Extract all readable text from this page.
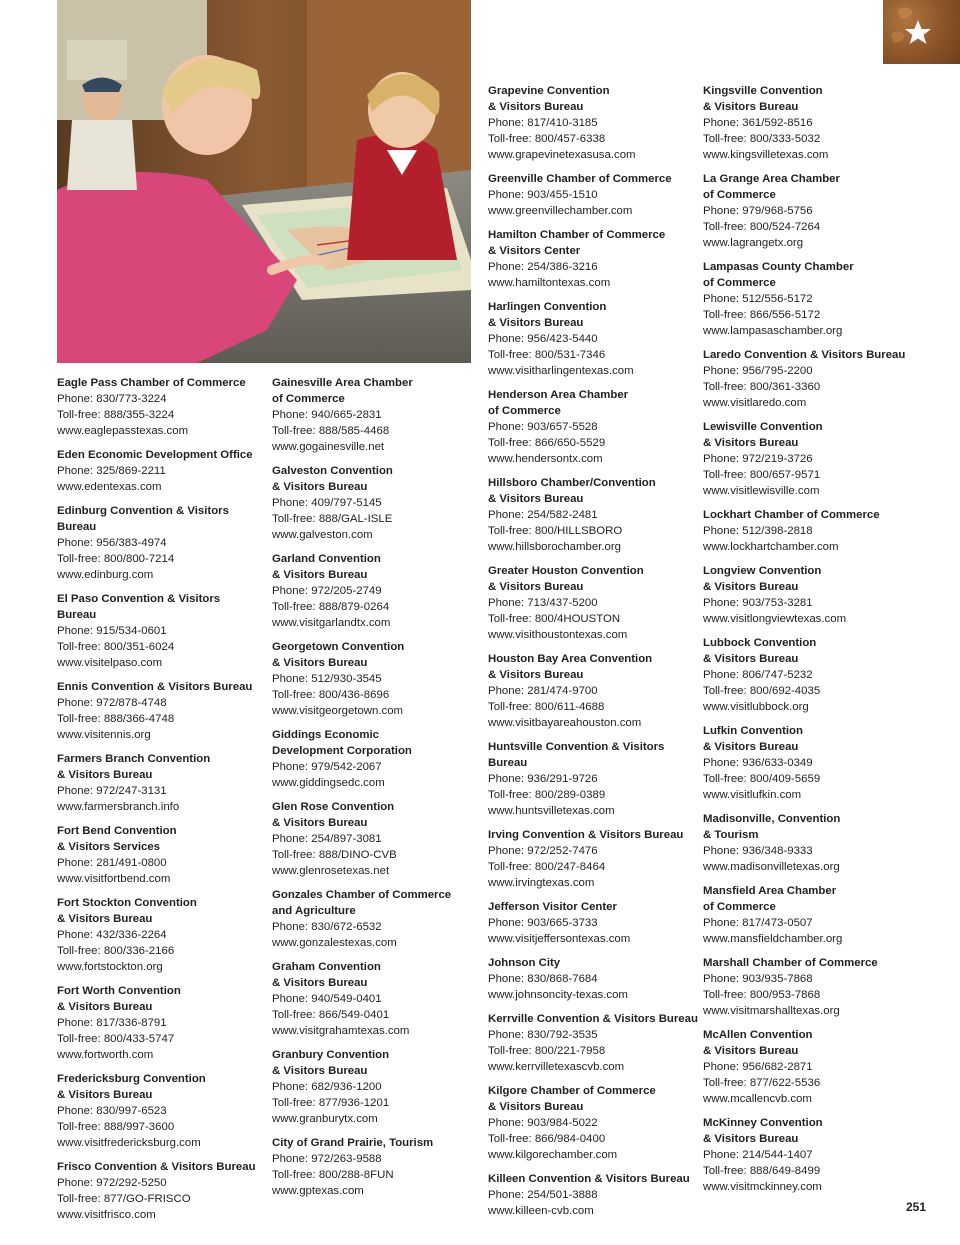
Eagle Pass Chamber of Commerce
Phone: 830/773-3224
Toll-free: 888/355-3224
www.eaglepasstexas.com
Eden Economic Development Office
Phone: 325/869-2211
www.edentexas.com
Edinburg Convention & Visitors Bureau
Phone: 956/383-4974
Toll-free: 800/800-7214
www.edinburg.com
El Paso Convention & Visitors
Bureau
Phone: 915/534-0601
Toll-free: 800/351-6024
www.visitelpaso.com
Ennis Convention & Visitors Bureau
Phone: 972/878-4748
Toll-free: 888/366-4748
www.visitennis.org
Farmers Branch Convention
& Visitors Bureau
Phone: 972/247-3131
www.farmersbranch.info
Fort Bend Convention
& Visitors Services
Phone: 281/491-0800
www.visitfortbend.com
Fort Stockton Convention
& Visitors Bureau
Phone: 432/336-2264
Toll-free: 800/336-2166
www.fortstockton.org
Fort Worth Convention
& Visitors Bureau
Phone: 817/336-8791
Toll-free: 800/433-5747
www.fortworth.com
Fredericksburg Convention
& Visitors Bureau
Phone: 830/997-6523
Toll-free: 888/997-3600
www.visitfredericksburg.com
Frisco Convention & Visitors Bureau
Phone: 972/292-5250
Toll-free: 877/GO-FRISCO
www.visitfrisco.com
Gainesville Area Chamber
of Commerce
Phone: 940/665-2831
Toll-free: 888/585-4468
www.gogainesville.net
Galveston Convention
& Visitors Bureau
Phone: 409/797-5145
Toll-free: 888/GAL-ISLE
www.galveston.com
Garland Convention
& Visitors Bureau
Phone: 972/205-2749
Toll-free: 888/879-0264
www.visitgarlandtx.com
Georgetown Convention
& Visitors Bureau
Phone: 512/930-3545
Toll-free: 800/436-8696
www.visitgeorgetown.com
Giddings Economic
Development Corporation
Phone: 979/542-2067
www.giddingsedc.com
Glen Rose Convention
& Visitors Bureau
Phone: 254/897-3081
Toll-free: 888/DINO-CVB
www.glenrosetexas.net
Gonzales Chamber of Commerce
and Agriculture
Phone: 830/672-6532
www.gonzalestexas.com
Graham Convention
& Visitors Bureau
Phone: 940/549-0401
Toll-free: 866/549-0401
www.visitgrahamtexas.com
Granbury Convention
& Visitors Bureau
Phone: 682/936-1200
Toll-free: 877/936-1201
www.granburytx.com
City of Grand Prairie, Tourism
Phone: 972/263-9588
Toll-free: 800/288-8FUN
www.gptexas.com
Grapevine Convention
& Visitors Bureau
Phone: 817/410-3185
Toll-free: 800/457-6338
www.grapevinetexasusa.com
Greenville Chamber of Commerce
Phone: 903/455-1510
www.greenvillechamber.com
Hamilton Chamber of Commerce
& Visitors Center
Phone: 254/386-3216
www.hamiltontexas.com
Harlingen Convention
& Visitors Bureau
Phone: 956/423-5440
Toll-free: 800/531-7346
www.visitharlingentexas.com
Henderson Area Chamber
of Commerce
Phone: 903/657-5528
Toll-free: 866/650-5529
www.hendersontx.com
Hillsboro Chamber/Convention
& Visitors Bureau
Phone: 254/582-2481
Toll-free: 800/HILLSBORO
www.hillsborochamber.org
Greater Houston Convention
& Visitors Bureau
Phone: 713/437-5200
Toll-free: 800/4HOUSTON
www.visithoustontexas.com
Houston Bay Area Convention
& Visitors Bureau
Phone: 281/474-9700
Toll-free: 800/611-4688
www.visitbayareahouston.com
Huntsville Convention & Visitors Bureau
Phone: 936/291-9726
Toll-free: 800/289-0389
www.huntsvilletexas.com
Irving Convention & Visitors Bureau
Phone: 972/252-7476
Toll-free: 800/247-8464
www.irvingtexas.com
Jefferson Visitor Center
Phone: 903/665-3733
www.visitjeffersontexas.com
Johnson City
Phone: 830/868-7684
www.johnsoncity-texas.com
Kerrville Convention & Visitors Bureau
Phone: 830/792-3535
Toll-free: 800/221-7958
www.kerrvilletexascvb.com
Kilgore Chamber of Commerce
& Visitors Bureau
Phone: 903/984-5022
Toll-free: 866/984-0400
www.kilgorechamber.com
Killeen Convention & Visitors Bureau
Phone: 254/501-3888
www.killeen-cvb.com
Kingsville Convention
& Visitors Bureau
Phone: 361/592-8516
Toll-free: 800/333-5032
www.kingsvilletexas.com
La Grange Area Chamber
of Commerce
Phone: 979/968-5756
Toll-free: 800/524-7264
www.lagrangetx.org
Lampasas County Chamber
of Commerce
Phone: 512/556-5172
Toll-free: 866/556-5172
www.lampasaschamber.org
Laredo Convention & Visitors Bureau
Phone: 956/795-2200
Toll-free: 800/361-3360
www.visitlaredo.com
Lewisville Convention
& Visitors Bureau
Phone: 972/219-3726
Toll-free: 800/657-9571
www.visitlewisville.com
Lockhart Chamber of Commerce
Phone: 512/398-2818
www.lockhartchamber.com
Longview Convention
& Visitors Bureau
Phone: 903/753-3281
www.visitlongviewtexas.com
Lubbock Convention
& Visitors Bureau
Phone: 806/747-5232
Toll-free: 800/692-4035
www.visitlubbock.org
Lufkin Convention
& Visitors Bureau
Phone: 936/633-0349
Toll-free: 800/409-5659
www.visitlufkin.com
Madisonville, Convention
& Tourism
Phone: 936/348-9333
www.madisonvilletexas.org
Mansfield Area Chamber
of Commerce
Phone: 817/473-0507
www.mansfieldchamber.org
Marshall Chamber of Commerce
Phone: 903/935-7868
Toll-free: 800/953-7868
www.visitmarshalltexas.org
McAllen Convention
& Visitors Bureau
Phone: 956/682-2871
Toll-free: 877/622-5536
www.mcallencvb.com
McKinney Convention
& Visitors Bureau
Phone: 214/544-1407
Toll-free: 888/649-8499
www.visitmckinney.com
251
